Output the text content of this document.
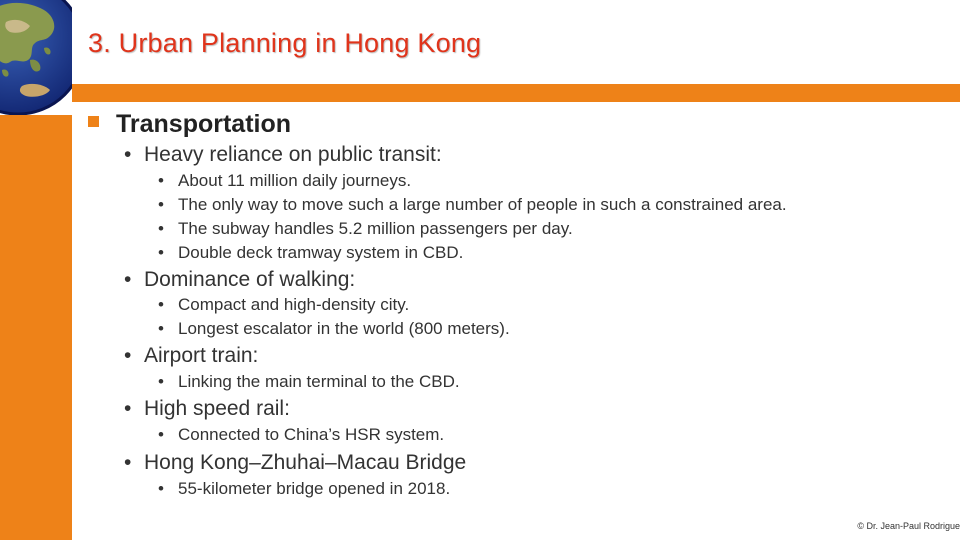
3. Urban Planning in Hong Kong
Transportation
• Heavy reliance on public transit:
• About 11 million daily journeys.
• The only way to move such a large number of people in such a constrained area.
• The subway handles 5.2 million passengers per day.
• Double deck tramway system in CBD.
• Dominance of walking:
• Compact and high-density city.
• Longest escalator in the world (800 meters).
• Airport train:
• Linking the main terminal to the CBD.
• High speed rail:
• Connected to China’s HSR system.
• Hong Kong–Zhuhai–Macau Bridge
• 55-kilometer bridge opened in 2018.
© Dr. Jean-Paul Rodrigue
